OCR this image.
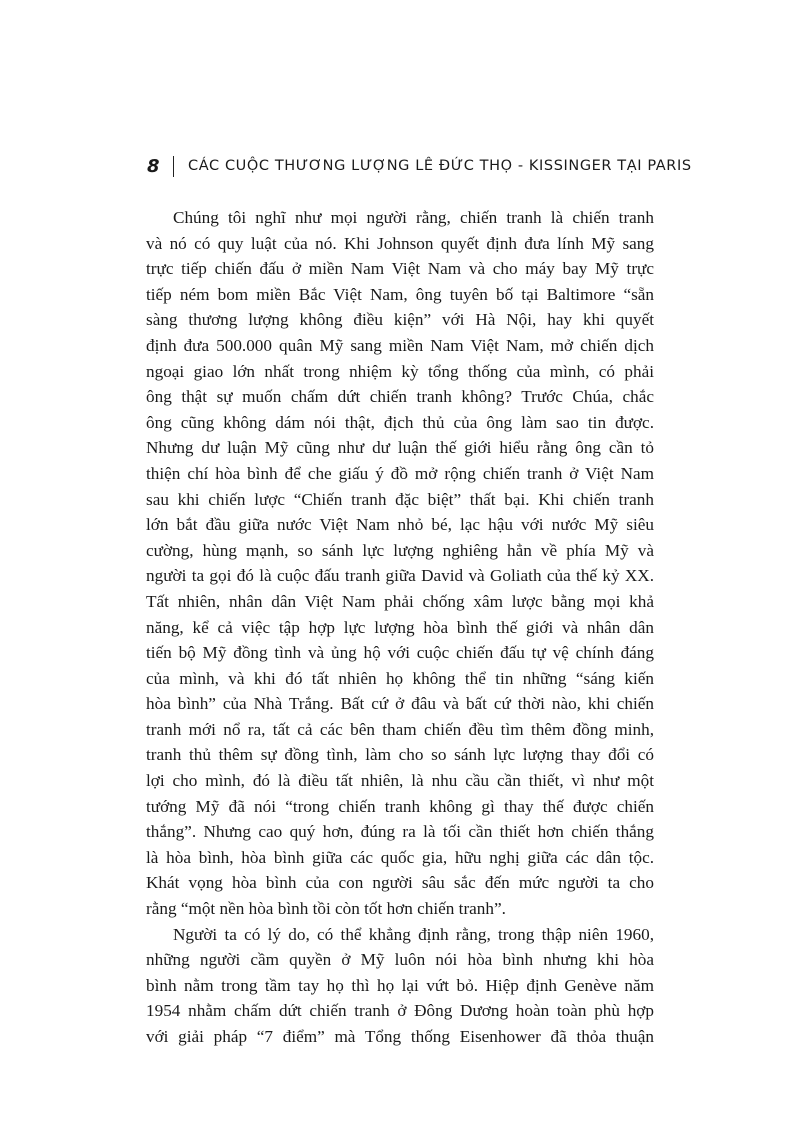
8 CÁC CUỘC THƯƠNG LƯỢNG LÊ ĐỨC THỌ - KISSINGER TẠI PARIS
Chúng tôi nghĩ như mọi người rằng, chiến tranh là chiến tranh
và nó có quy luật của nó. Khi Johnson quyết định đưa lính Mỹ sang
trực tiếp chiến đấu ở miền Nam Việt Nam và cho máy bay Mỹ trực
tiếp ném bom miền Bắc Việt Nam, ông tuyên bố tại Baltimore “sẵn
sàng thương lượng không điều kiện” với Hà Nội, hay khi quyết
định đưa 500.000 quân Mỹ sang miền Nam Việt Nam, mở chiến dịch
ngoại giao lớn nhất trong nhiệm kỳ tổng thống của mình, có phải
ông thật sự muốn chấm dứt chiến tranh không? Trước Chúa, chắc
ông cũng không dám nói thật, địch thủ của ông làm sao tin được.
Nhưng dư luận Mỹ cũng như dư luận thế giới hiểu rằng ông cần tỏ
thiện chí hòa bình để che giấu ý đồ mở rộng chiến tranh ở Việt Nam
sau khi chiến lược “Chiến tranh đặc biệt” thất bại. Khi chiến tranh
lớn bắt đầu giữa nước Việt Nam nhỏ bé, lạc hậu với nước Mỹ siêu
cường, hùng mạnh, so sánh lực lượng nghiêng hẳn về phía Mỹ và
người ta gọi đó là cuộc đấu tranh giữa David và Goliath của thế kỷ XX.
Tất nhiên, nhân dân Việt Nam phải chống xâm lược bằng mọi khả
năng, kể cả việc tập hợp lực lượng hòa bình thế giới và nhân dân
tiến bộ Mỹ đồng tình và ủng hộ với cuộc chiến đấu tự vệ chính đáng
của mình, và khi đó tất nhiên họ không thể tin những “sáng kiến
hòa bình” của Nhà Trắng. Bất cứ ở đâu và bất cứ thời nào, khi chiến
tranh mới nổ ra, tất cả các bên tham chiến đều tìm thêm đồng minh,
tranh thủ thêm sự đồng tình, làm cho so sánh lực lượng thay đổi có
lợi cho mình, đó là điều tất nhiên, là nhu cầu cần thiết, vì như một
tướng Mỹ đã nói “trong chiến tranh không gì thay thế được chiến
thắng”. Nhưng cao quý hơn, đúng ra là tối cần thiết hơn chiến thắng
là hòa bình, hòa bình giữa các quốc gia, hữu nghị giữa các dân tộc.
Khát vọng hòa bình của con người sâu sắc đến mức người ta cho
rằng “một nền hòa bình tồi còn tốt hơn chiến tranh”.
Người ta có lý do, có thể khẳng định rằng, trong thập niên 1960,
những người cầm quyền ở Mỹ luôn nói hòa bình nhưng khi hòa
bình nằm trong tầm tay họ thì họ lại vứt bỏ. Hiệp định Genève năm
1954 nhằm chấm dứt chiến tranh ở Đông Dương hoàn toàn phù hợp
với giải pháp “7 điểm” mà Tổng thống Eisenhower đã thỏa thuận
